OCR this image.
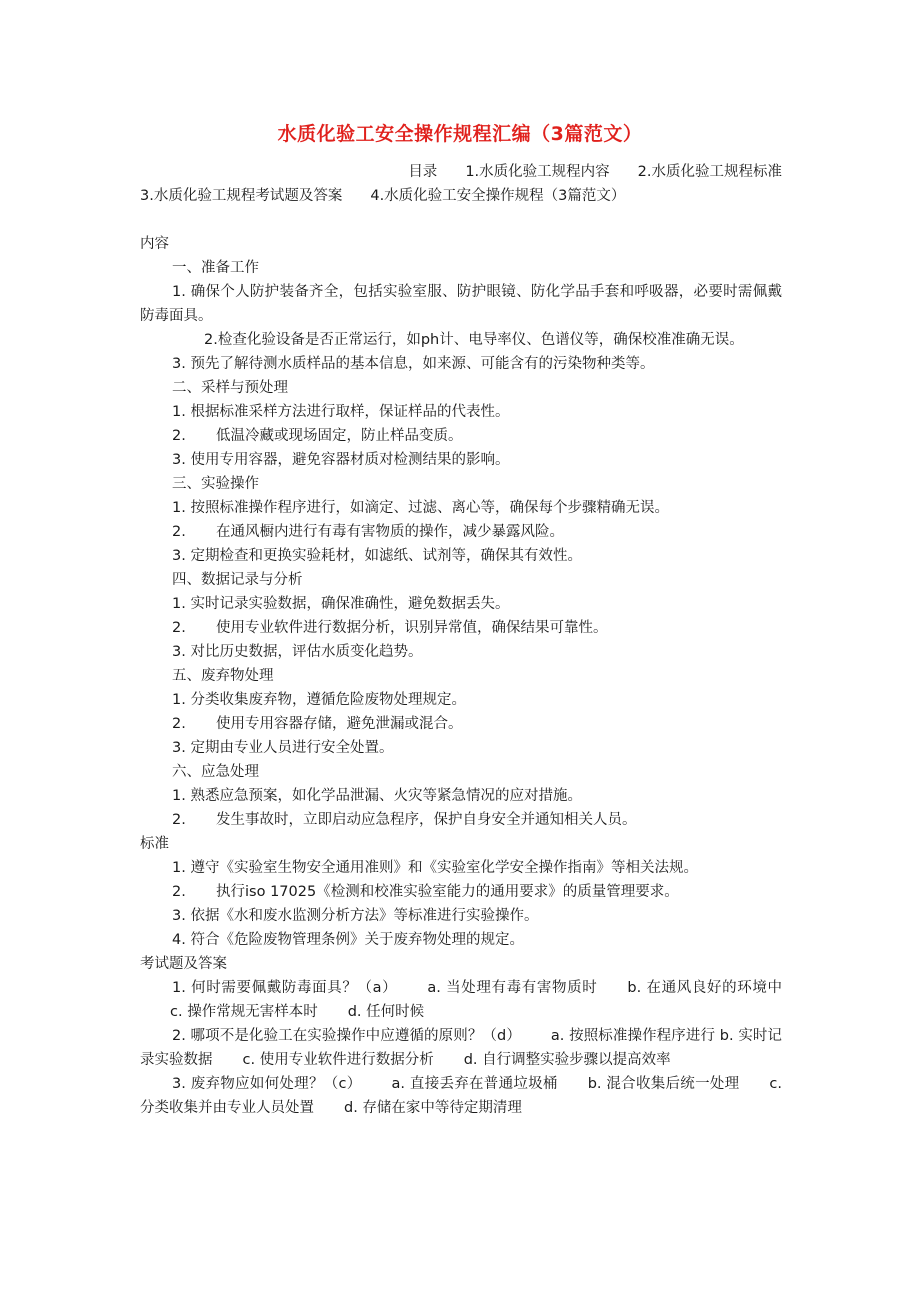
水质化验工安全操作规程汇编（3篇范文）
目录 1.水质化验工规程内容 2.水质化验工规程标准
3.水质化验工规程考试题及答案 4.水质化验工安全操作规程（3篇范文）
内容
一、准备工作
1. 确保个人防护装备齐全，包括实验室服、防护眼镜、防化学品手套和呼吸器，必要时需佩戴防毒面具。
2.检查化验设备是否正常运行，如ph计、电导率仪、色谱仪等，确保校准准确无误。
3. 预先了解待测水质样品的基本信息，如来源、可能含有的污染物种类等。
二、采样与预处理
1. 根据标准采样方法进行取样，保证样品的代表性。
2. 低温冷藏或现场固定，防止样品变质。
3. 使用专用容器，避免容器材质对检测结果的影响。
三、实验操作
1. 按照标准操作程序进行，如滴定、过滤、离心等，确保每个步骤精确无误。
2. 在通风橱内进行有毒有害物质的操作，减少暴露风险。
3. 定期检查和更换实验耗材，如滤纸、试剂等，确保其有效性。
四、数据记录与分析
1. 实时记录实验数据，确保准确性，避免数据丢失。
2. 使用专业软件进行数据分析，识别异常值，确保结果可靠性。
3. 对比历史数据，评估水质变化趋势。
五、废弃物处理
1. 分类收集废弃物，遵循危险废物处理规定。
2. 使用专用容器存储，避免泄漏或混合。
3. 定期由专业人员进行安全处置。
六、应急处理
1. 熟悉应急预案，如化学品泄漏、火灾等紧急情况的应对措施。
2. 发生事故时，立即启动应急程序，保护自身安全并通知相关人员。
标准
1. 遵守《实验室生物安全通用准则》和《实验室化学安全操作指南》等相关法规。
2. 执行iso 17025《检测和校准实验室能力的通用要求》的质量管理要求。
3. 依据《水和废水监测分析方法》等标准进行实验操作。
4. 符合《危险废物管理条例》关于废弃物处理的规定。
考试题及答案
1. 何时需要佩戴防毒面具？（a） a. 当处理有毒有害物质时 b. 在通风良好的环境中c. 操作常规无害样本时 d. 任何时候
2. 哪项不是化验工在实验操作中应遵循的原则？（d） a. 按照标准操作程序进行 b. 实时记录实验数据 c. 使用专业软件进行数据分析 d. 自行调整实验步骤以提高效率
3. 废弃物应如何处理？（c） a. 直接丢弃在普通垃圾桶 b. 混合收集后统一处理 c. 分类收集并由专业人员处置 d. 存储在家中等待定期清理
